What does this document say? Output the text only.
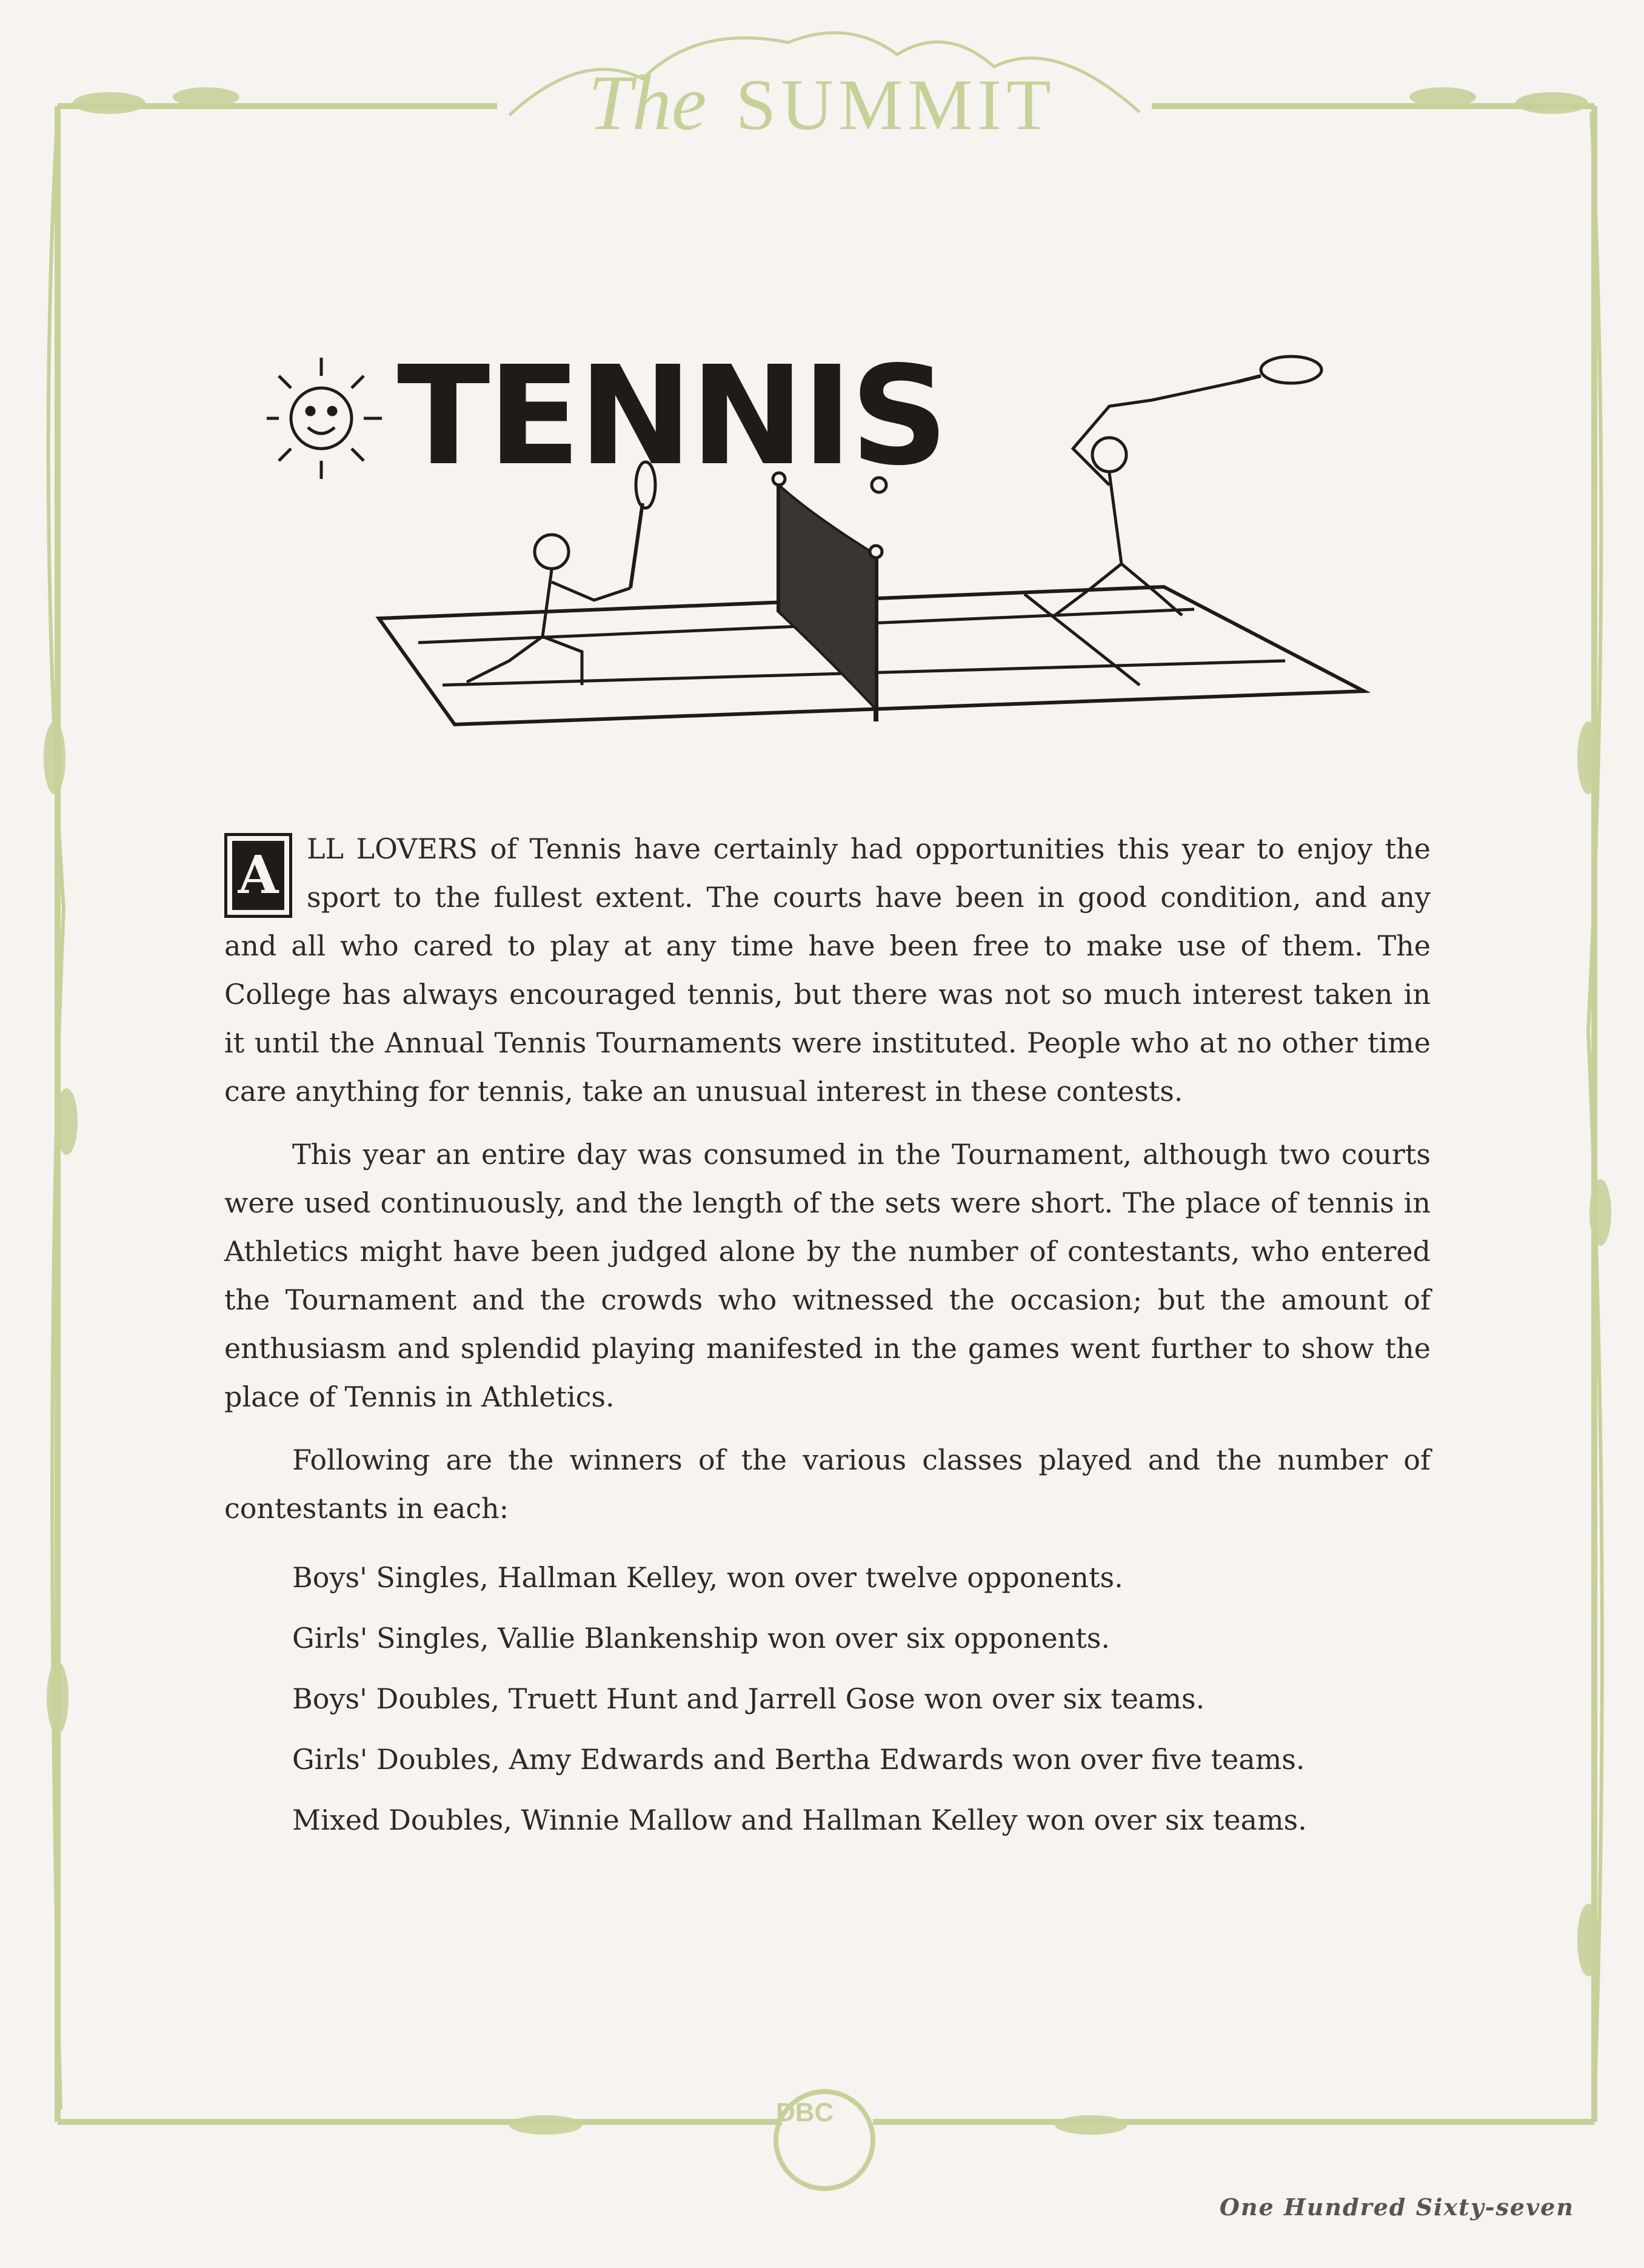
The SUMMIT
TENNIS

A LL LOVERS of Tennis have certainly had opportunities this year to enjoy the sport to the fullest extent. The courts have been in good condition, and any and all who cared to play at any time have been free to make use of them. The College has always encouraged tennis, but there was not so much interest taken in it until the Annual Tennis Tournaments were instituted. People who at no other time care anything for tennis, take an unusual interest in these contests.

This year an entire day was consumed in the Tournament, although two courts were used continuously, and the length of the sets were short. The place of tennis in Athletics might have been judged alone by the number of contestants, who entered the Tournament and the crowds who witnessed the occasion; but the amount of enthusiasm and splendid playing manifested in the games went further to show the place of Tennis in Athletics.

Following are the winners of the various classes played and the number of contestants in each:

Boys' Singles, Hallman Kelley, won over twelve opponents.
Girls' Singles, Vallie Blankenship won over six opponents.
Boys' Doubles, Truett Hunt and Jarrell Gose won over six teams.
Girls' Doubles, Amy Edwards and Bertha Edwards won over five teams.
Mixed Doubles, Winnie Mallow and Hallman Kelley won over six teams.
DBC
One Hundred Sixty-seven
